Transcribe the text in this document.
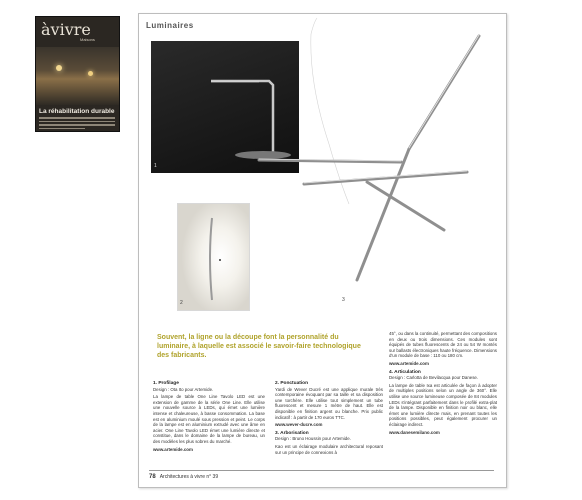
àvivre
Maisons
La réhabilitation durable
Luminaires
1
2	3
Souvent, la ligne ou la découpe font la personnalité du luminaire, à laquelle est associé le savoir-faire technologique des fabricants.
1. Profilage

Design : Ota Ito pour Artemide.

La lampe de table One Line Tavolo LED est une extension de gamme de la série One Line. Elle utilise une nouvelle source à LEDs, qui émet une lumière intense et chaleureuse, à basse consommation. La base est en aluminium moulé sous pression et peint. Le corps de la lampe est en aluminium extrudé avec une âme en acier. One Line Tavolo LED émet une lumière directe et constitue, dans le domaine de la lampe de bureau, un des modèles les plus sobres du marché.

www.artemide.com
2. Ponctuation

Yardi de Wever Ducré est une applique murale très contemporaine évoquant par sa taille et sa disposition une torchère. Elle utilise tout simplement un tube fluorescent et mesure 1 mètre de haut. Elle est disponible en finition argent ou blanche. Prix public indicatif : à partir de 170 euros TTC.

www.wever-ducre.com
3. Arborisation

Design : Bruno Houssin pour Artemide.

Kao est un éclairage modulaire architectural reposant sur un principe de connexions à

45°, ou dans la continuité, permettant des compositions en deux ou trois dimensions. Ces modules sont équipés de tubes fluorescents de 24 ou 54 W montés sur ballasts électroniques haute fréquence. Dimensions d'un module de base : 110 ou 180 cm.

www.artemide.com
4. Articulation

Design : Carlotta de Bevilacqua pour Danese.

La lampe de table Ixa est articulée de façon à adopter de multiples positions selon un angle de 360°. Elle utilise une source lumineuse composée de 84 modules LEDs s'intégrant parfaitement dans le profilé extra-plat de la lampe. Disponible en finition noir ou blanc, elle émet une lumière directe mais, en prenant toutes les positions possibles, peut également procurer un éclairage indirect.

www.danesemilano.com
78 Architectures à vivre n° 39
